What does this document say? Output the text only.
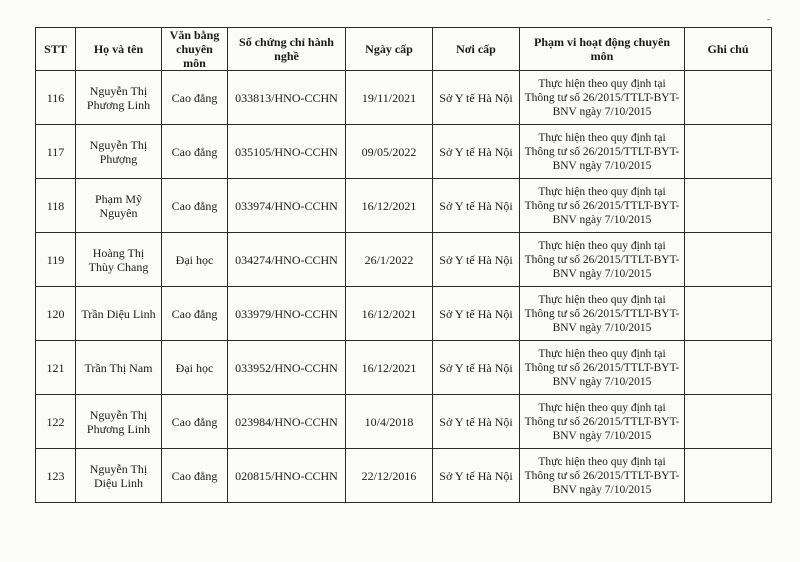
-
STT	Họ và tên	Văn bằng chuyên môn	Số chứng chỉ hành nghề	Ngày cấp	Nơi cấp	Phạm vi hoạt động chuyên môn	Ghi chú
116	Nguyễn Thị Phương Linh	Cao đẳng	033813/HNO-CCHN	19/11/2021	Sở Y tế Hà Nội	Thực hiện theo quy định tại Thông tư số 26/2015/TTLT-BYT-BNV ngày 7/10/2015	
117	Nguyễn Thị Phượng	Cao đẳng	035105/HNO-CCHN	09/05/2022	Sở Y tế Hà Nội	Thực hiện theo quy định tại Thông tư số 26/2015/TTLT-BYT-BNV ngày 7/10/2015	
118	Phạm Mỹ Nguyên	Cao đẳng	033974/HNO-CCHN	16/12/2021	Sở Y tế Hà Nội	Thực hiện theo quy định tại Thông tư số 26/2015/TTLT-BYT-BNV ngày 7/10/2015	
119	Hoàng Thị Thùy Chang	Đại học	034274/HNO-CCHN	26/1/2022	Sở Y tế Hà Nội	Thực hiện theo quy định tại Thông tư số 26/2015/TTLT-BYT-BNV ngày 7/10/2015	
120	Trần Diệu Linh	Cao đẳng	033979/HNO-CCHN	16/12/2021	Sở Y tế Hà Nội	Thực hiện theo quy định tại Thông tư số 26/2015/TTLT-BYT-BNV ngày 7/10/2015	
121	Trần Thị Nam	Đại học	033952/HNO-CCHN	16/12/2021	Sở Y tế Hà Nội	Thực hiện theo quy định tại Thông tư số 26/2015/TTLT-BYT-BNV ngày 7/10/2015	
122	Nguyễn Thị Phương Linh	Cao đẳng	023984/HNO-CCHN	10/4/2018	Sở Y tế Hà Nội	Thực hiện theo quy định tại Thông tư số 26/2015/TTLT-BYT-BNV ngày 7/10/2015	
123	Nguyễn Thị Diệu Linh	Cao đẳng	020815/HNO-CCHN	22/12/2016	Sở Y tế Hà Nội	Thực hiện theo quy định tại Thông tư số 26/2015/TTLT-BYT-BNV ngày 7/10/2015	
